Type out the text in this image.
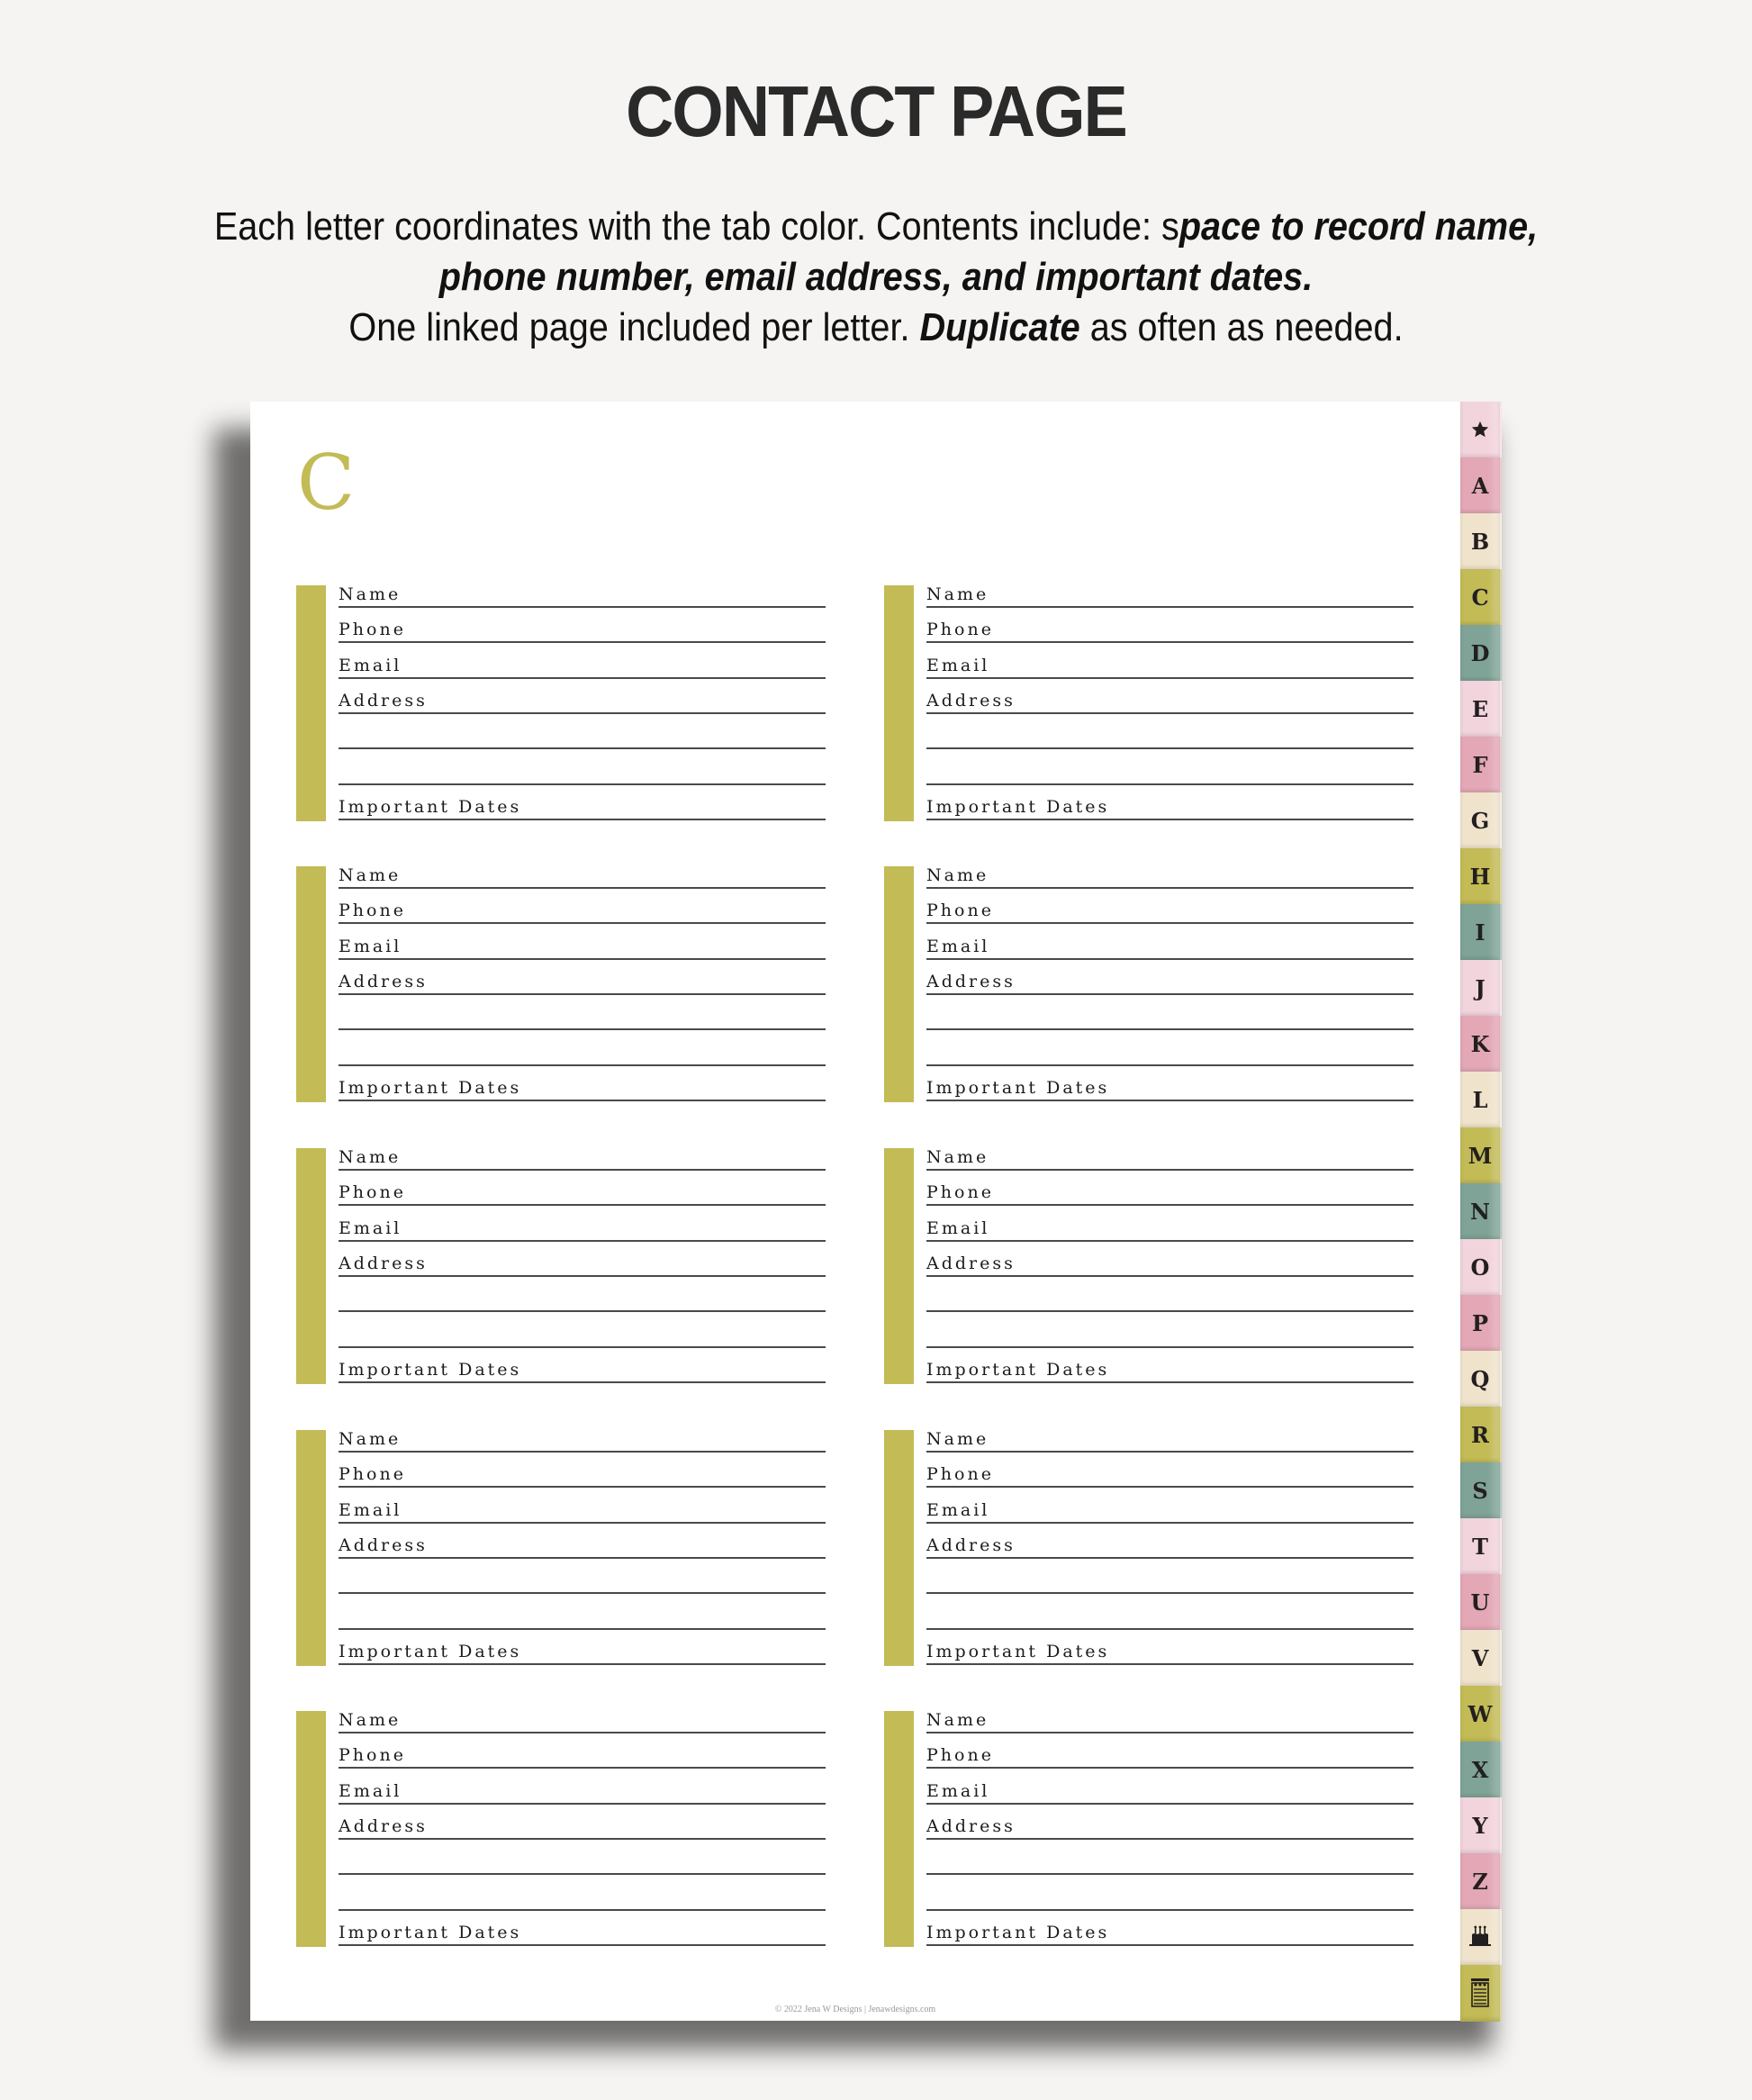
CONTACT PAGE
Each letter coordinates with the tab color. Contents include: space to record name,
phone number, email address, and important dates.
One linked page included per letter. Duplicate as often as needed.
C
Name
Phone
Email
Address
Important Dates
Name
Phone
Email
Address
Important Dates
Name
Phone
Email
Address
Important Dates
Name
Phone
Email
Address
Important Dates
Name
Phone
Email
Address
Important Dates
Name
Phone
Email
Address
Important Dates
Name
Phone
Email
Address
Important Dates
Name
Phone
Email
Address
Important Dates
Name
Phone
Email
Address
Important Dates
Name
Phone
Email
Address
Important Dates
© 2022 Jena W Designs | Jenawdesigns.com
A
B
C
D
E
F
G
H
I
J
K
L
M
N
O
P
Q
R
S
T
U
V
W
X
Y
Z
